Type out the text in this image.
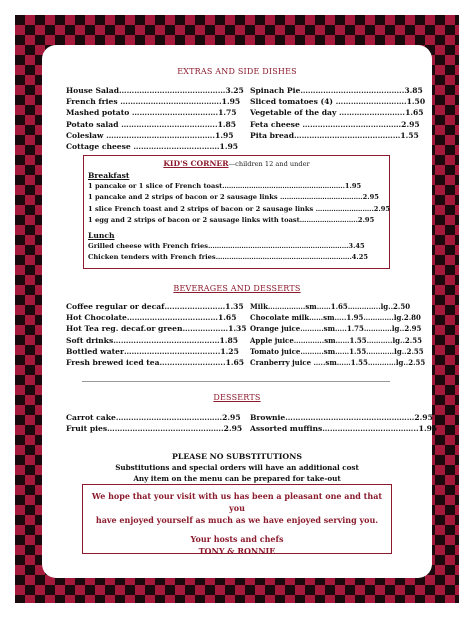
EXTRAS AND SIDE DISHES
House Salad……………………………………3.25
French fries ………………………………….1.95
Mashed potato …………………………….1.75
Potato salad ………………………………..1.85
Coleslaw …………………………………….1.95
Cottage cheese …………………………….1.95
Spinach Pie…………………………………..3.85
Sliced tomatoes (4) ……………………….1.50
Vegetable of the day ……………………..1.65
Feta cheese …………………………………2.95
Pita bread……………………………………1.55
KID'S CORNER—children 12 and under
Breakfast
1 pancake or 1 slice of French toast……………………………………………….1.95
1 pancake and 2 strips of bacon or 2 sausage links ……………………………….2.95
1 slice French toast and 2 strips of bacon or 2 sausage links ……………………..2.95
1 egg and 2 strips of bacon or 2 sausage links with toast……………………..2.95
Lunch
Grilled cheese with French fries………………………………………………………3.45
Chicken tenders with French fries…………………………………………………….4.25
BEVERAGES AND DESSERTS
Coffee regular or decaf……………………1.35
Hot Chocolate………………………………1.65
Hot Tea reg. decaf.or green………………1.35
Soft drinks……………………………………1.85
Bottled water………………………………..1.25
Fresh brewed iced tea……………………..1.65
Milk…………….sm……1.65…………..lg..2.50
Chocolate milk……sm…..1.95………….lg.2.80
Orange juice……….sm…..1.75…………lg..2.95
Apple juice………….sm……1.55………..lg..2.55
Tomato juice……….sm……1.55…………lg..2.55
Cranberry juice …..sm……1.55…………lg..2.55
DESSERTS
Carrot cake……………………………………2.95
Fruit pies……………………………………….2.95
Brownie……………………………………………2.95
Assorted muffins………………………………..1.95
PLEASE NO SUBSTITUTIONS
Substitutions and special orders will have an additional cost
Any item on the menu can be prepared for take-out
We hope that your visit with us has been a pleasant one and that you
have enjoyed yourself as much as we have enjoyed serving you.
Your hosts and chefs
TONY & RONNIE
